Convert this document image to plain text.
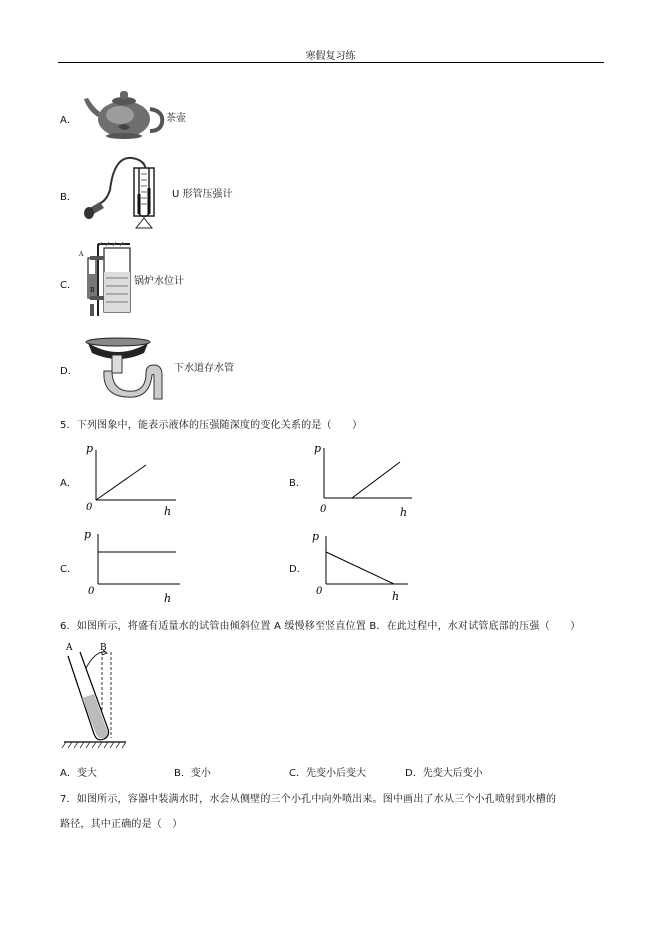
寒假复习练
A．	茶壶
B．	U 形管压强计
C．
A
B
锅炉水位计
D．	下水道存水管
5．下列图象中，能表示液体的压强随深度的变化关系的是（　　）
A．
p
h
0
B．
p
h
0
C．
p
h
0
D．
p
h
0
6．如图所示，将盛有适量水的试管由倾斜位置 A 缓慢移至竖直位置 B．在此过程中，水对试管底部的压强（　　）
A	B
A．变大	B．变小	C．先变小后变大	D．先变大后变小
7．如图所示，容器中装满水时，水会从侧壁的三个小孔中向外喷出来。图中画出了水从三个小孔喷射到水槽的
路径，其中正确的是（　）
